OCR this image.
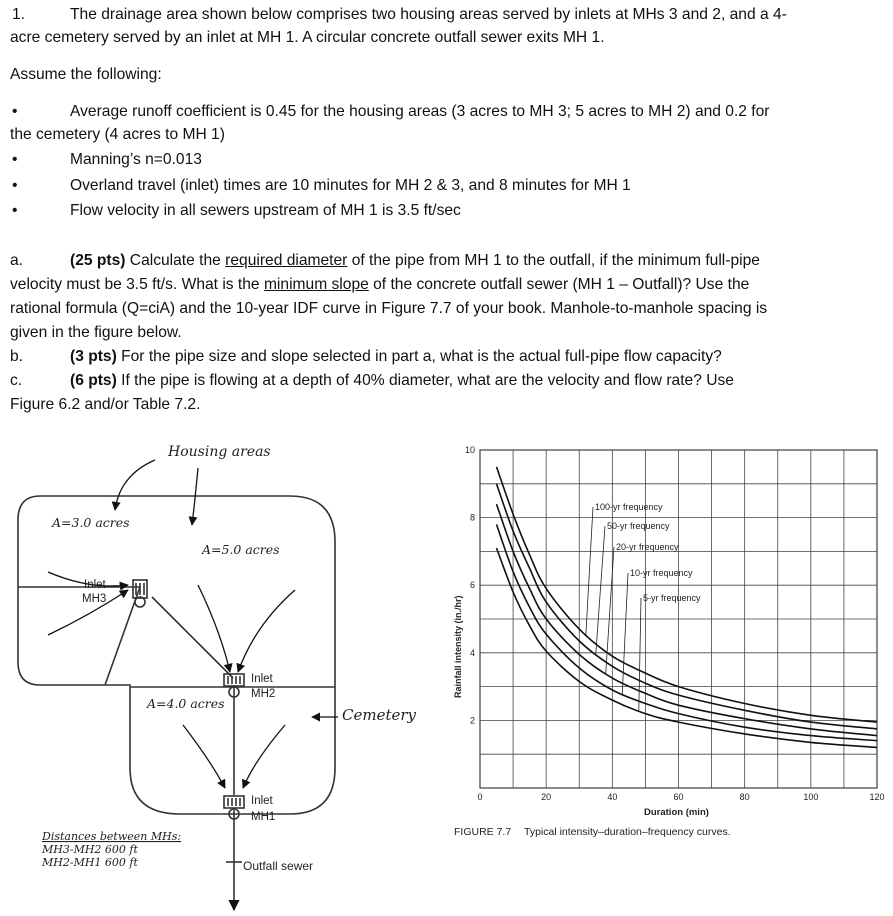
1.	The drainage area shown below comprises two housing areas served by inlets at MHs 3 and 2, and a 4-
acre cemetery served by an inlet at MH 1. A circular concrete outfall sewer exits MH 1.
Assume the following:
•	Average runoff coefficient is 0.45 for the housing areas (3 acres to MH 3; 5 acres to MH 2) and 0.2 for
the cemetery (4 acres to MH 1)
•	Manning’s n=0.013
•	Overland travel (inlet) times are 10 minutes for MH 2 & 3, and 8 minutes for MH 1
•	Flow velocity in all sewers upstream of MH 1 is 3.5 ft/sec
a.	(25 pts) Calculate the required diameter of the pipe from MH 1 to the outfall, if the minimum full-pipe
velocity must be 3.5 ft/s. What is the minimum slope of the concrete outfall sewer (MH 1 – Outfall)? Use the
rational formula (Q=ciA) and the 10-year IDF curve in Figure 7.7 of your book. Manhole-to-manhole spacing is
given in the figure below.
b.	(3 pts) For the pipe size and slope selected in part a, what is the actual full-pipe flow capacity?
c.	(6 pts) If the pipe is flowing at a depth of 40% diameter, what are the velocity and flow rate? Use
Figure 6.2 and/or Table 7.2.
Housing areas
A=3.0 acres
A=5.0 acres
A=4.0 acres
Inlet
MH3
Inlet
MH2
Inlet
MH1
Cemetery
Outfall sewer
Distances between MHs:
MH3-MH2 600 ft
MH2-MH1 600 ft
0	20	40	60	80	100	120
2
4
6
8
10
100-yr frequency
50-yr frequency
20-yr frequency
10-yr frequency
5-yr frequency
Rainfall intensity (in./hr)
Duration (min)
FIGURE 7.7 Typical intensity–duration–frequency curves.
